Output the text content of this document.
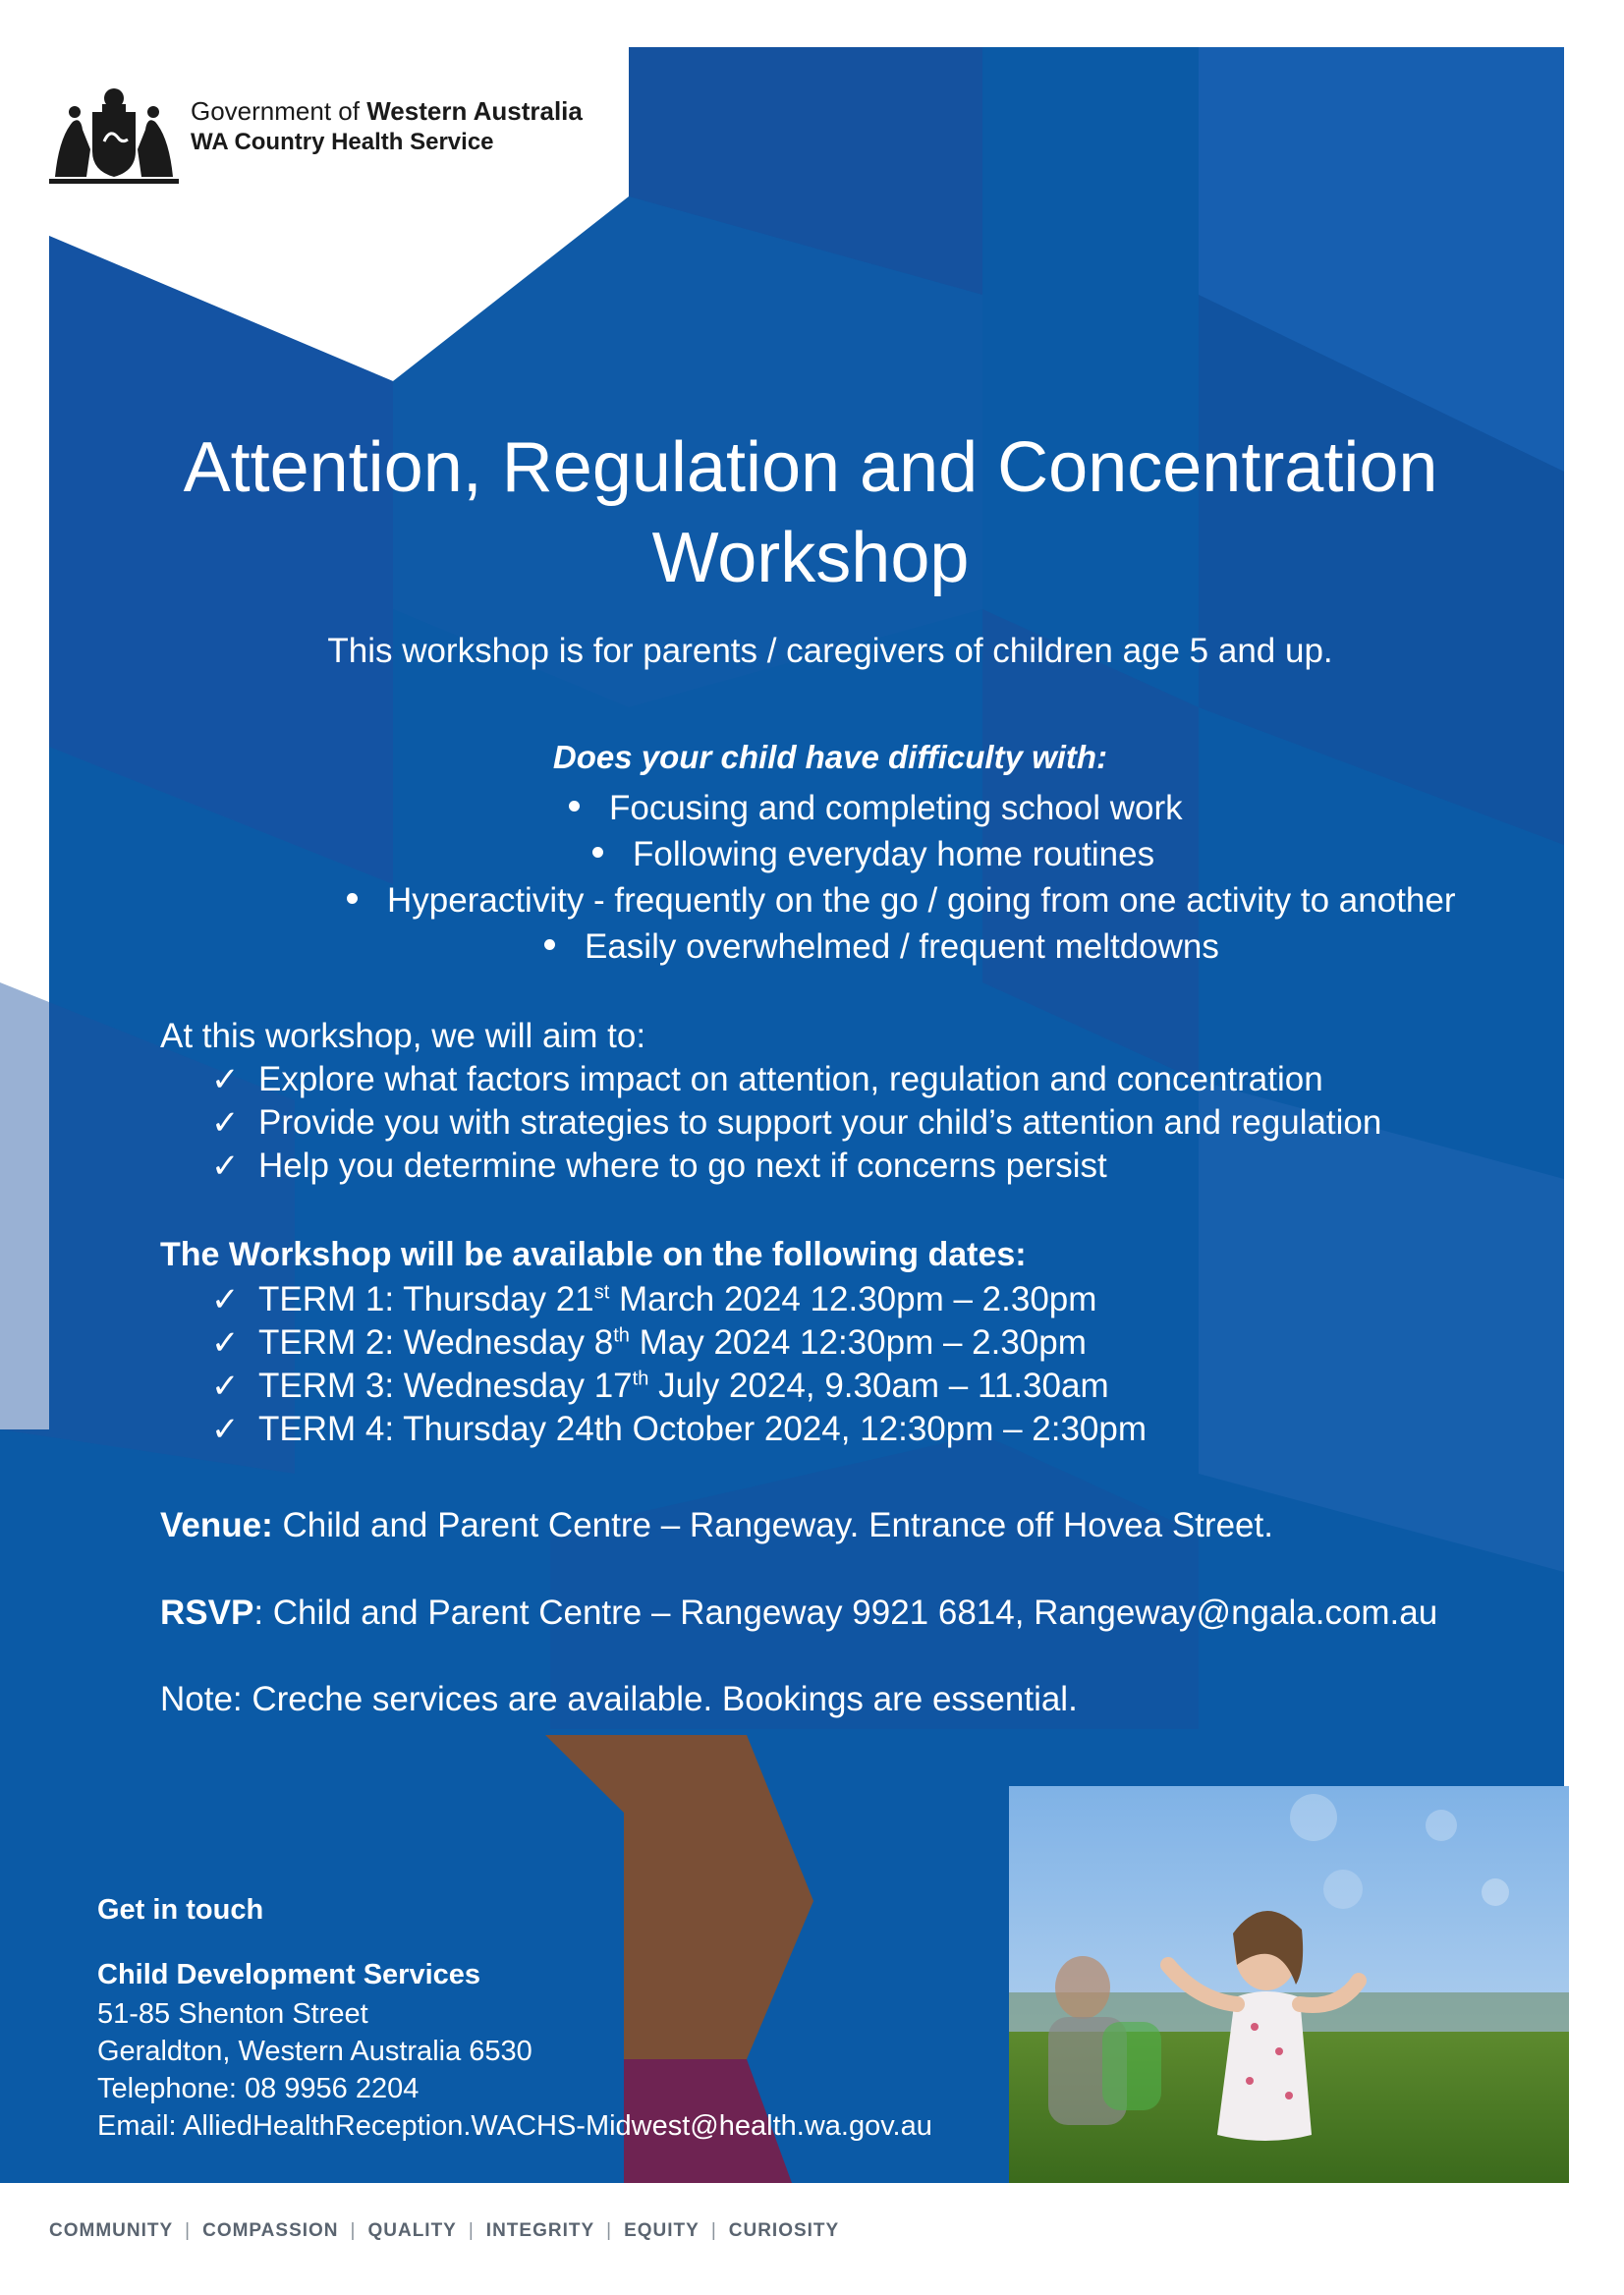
Government of Western Australia
WA Country Health Service
Attention, Regulation and Concentration Workshop
This workshop is for parents / caregivers of children age 5 and up.
Does your child have difficulty with:
Focusing and completing school work
Following everyday home routines
Hyperactivity - frequently on the go / going from one activity to another
Easily overwhelmed / frequent meltdowns
At this workshop, we will aim to:
✓ Explore what factors impact on attention, regulation and concentration
✓ Provide you with strategies to support your child’s attention and regulation
✓ Help you determine where to go next if concerns persist
The Workshop will be available on the following dates:
✓ TERM 1: Thursday 21st March 2024 12.30pm – 2.30pm
✓ TERM 2: Wednesday 8th May 2024 12:30pm – 2.30pm
✓ TERM 3: Wednesday 17th July 2024, 9.30am – 11.30am
✓ TERM 4: Thursday 24th October 2024, 12:30pm – 2:30pm
Venue: Child and Parent Centre – Rangeway. Entrance off Hovea Street.
RSVP: Child and Parent Centre – Rangeway 9921 6814, Rangeway@ngala.com.au
Note: Creche services are available. Bookings are essential.
Get in touch
Child Development Services
51-85 Shenton Street
Geraldton, Western Australia 6530
Telephone: 08 9956 2204
Email: AlliedHealthReception.WACHS-Midwest@health.wa.gov.au
COMMUNITY | COMPASSION | QUALITY | INTEGRITY | EQUITY | CURIOSITY
